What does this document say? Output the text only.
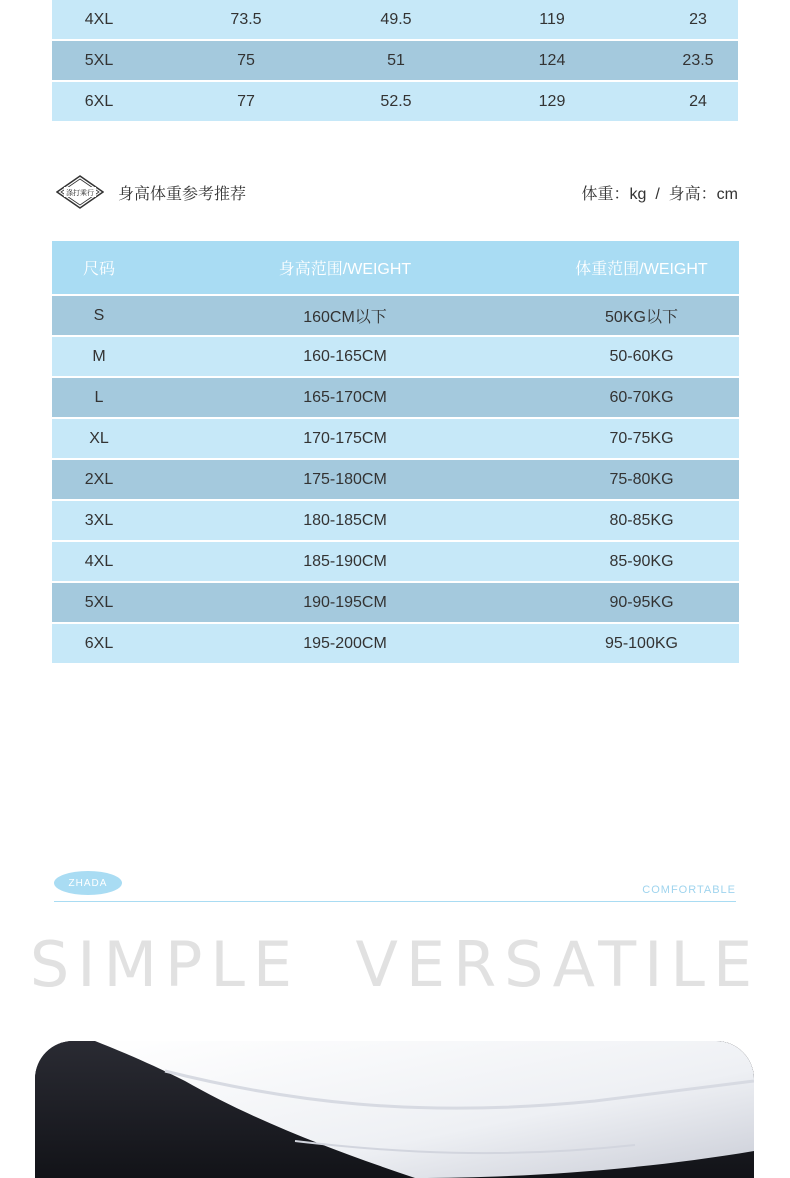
4XL	73.5	49.5	119	23
5XL	75	51	124	23.5
6XL	77	52.5	129	24
涤打乘行 身高体重参考推荐	体重：kg  /  身高：cm
尺码	身高范围/WEIGHT	体重范围/WEIGHT
S	160CM以下	50KG以下
M	160-165CM	50-60KG
L	165-170CM	60-70KG
XL	170-175CM	70-75KG
2XL	175-180CM	75-80KG
3XL	180-185CM	80-85KG
4XL	185-190CM	85-90KG
5XL	190-195CM	90-95KG
6XL	195-200CM	95-100KG
ZHADA
COMFORTABLE
SIMPLE  VERSATILE
